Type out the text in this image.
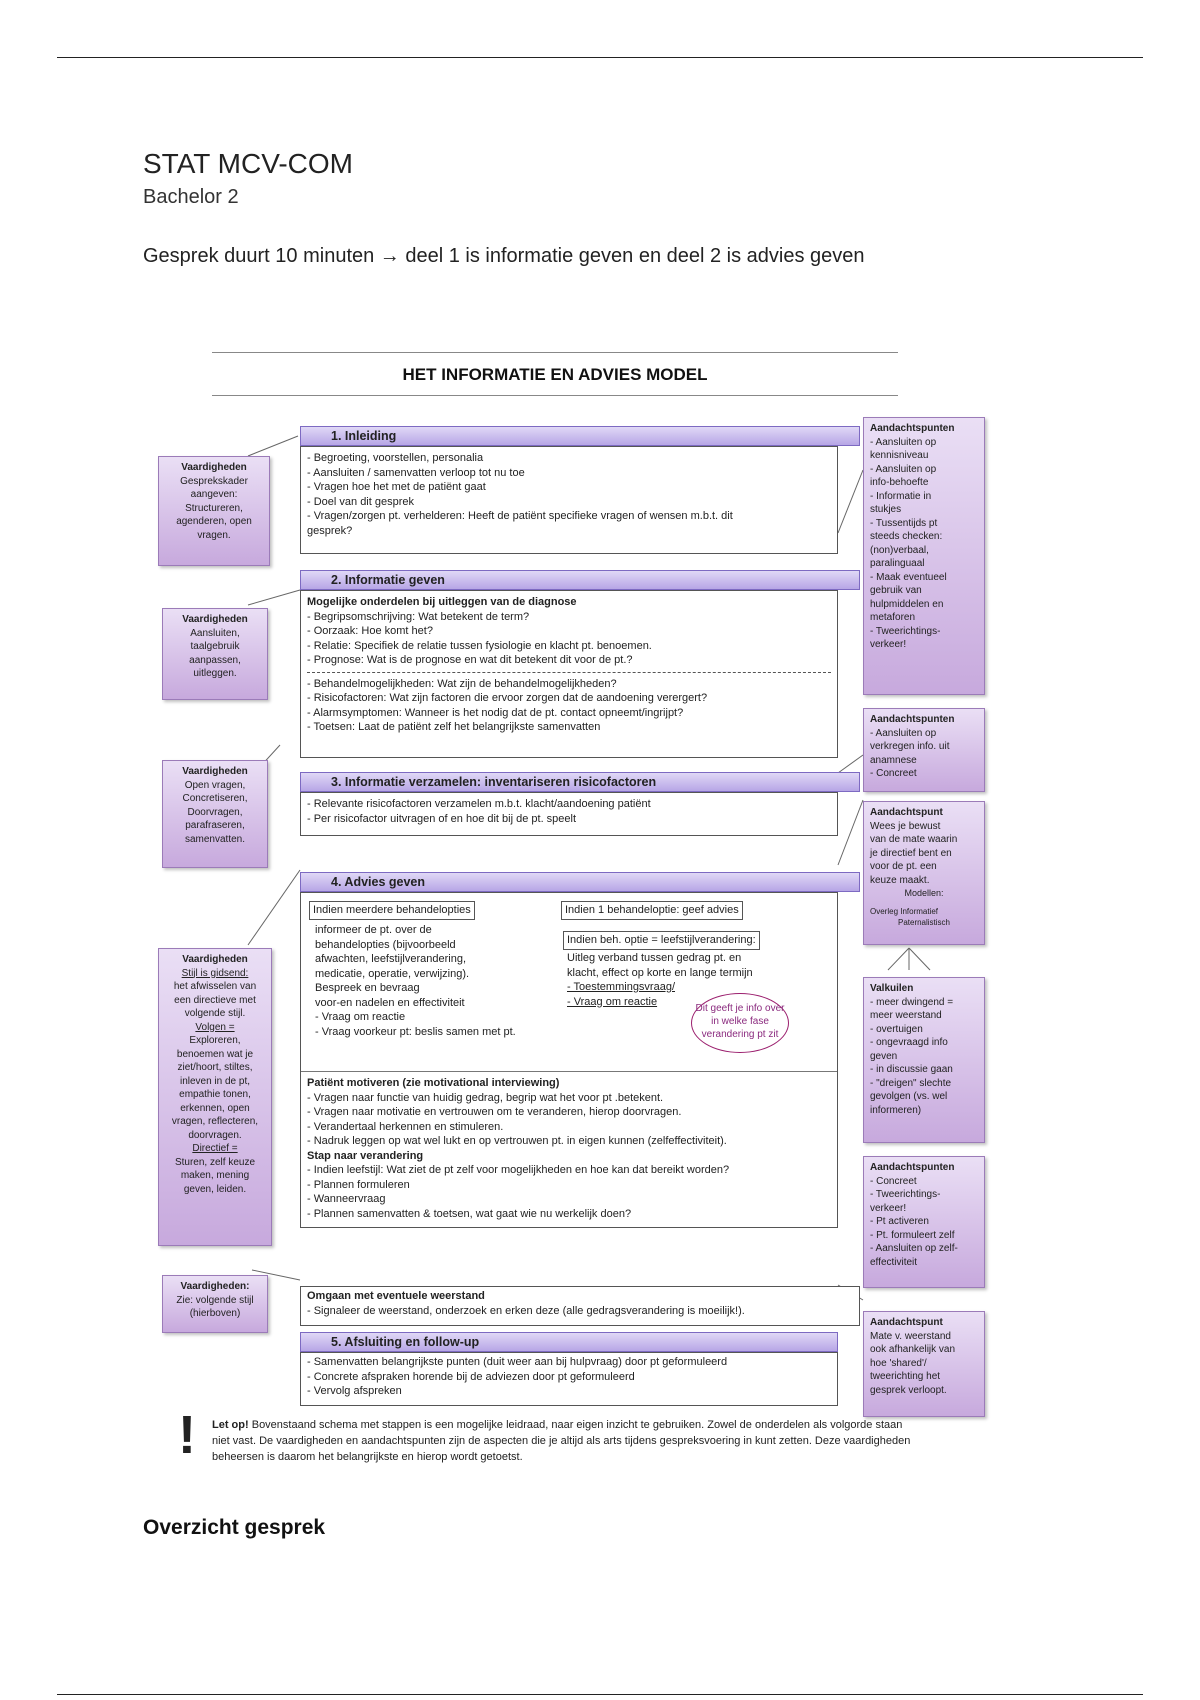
STAT MCV-COM
Bachelor 2
Gesprek duurt 10 minuten → deel 1 is informatie geven en deel 2 is advies geven
HET INFORMATIE EN ADVIES MODEL
Vaardigheden
Gesprekskader
aangeven:
Structureren,
agenderen, open
vragen.
Vaardigheden
Aansluiten,
taalgebruik
aanpassen,
uitleggen.
Vaardigheden
Open vragen,
Concretiseren,
Doorvragen,
parafraseren,
samenvatten.
Vaardigheden
Stijl is gidsend:
het afwisselen van
een directieve met
volgende stijl.
Volgen =
Exploreren,
benoemen wat je
ziet/hoort, stiltes,
inleven in de pt,
empathie tonen,
erkennen, open
vragen, reflecteren,
doorvragen.
Directief =
Sturen, zelf keuze
maken, mening
geven, leiden.
Vaardigheden:
Zie: volgende stijl
(hierboven)
Aandachtspunten
- Aansluiten op
kennisniveau
- Aansluiten op
info-behoefte
- Informatie in
stukjes
- Tussentijds pt
steeds checken:
(non)verbaal,
paralinguaal
- Maak eventueel
gebruik van
hulpmiddelen en
metaforen
- Tweerichtings-
verkeer!
Aandachtspunten
- Aansluiten op
verkregen info. uit
anamnese
- Concreet
Aandachtspunt
Wees je bewust
van de mate waarin
je directief bent en
voor de pt. een
keuze maakt.
Modellen:
Overleg Informatief
Paternalistisch
Valkuilen
- meer dwingend =
meer weerstand
- overtuigen
- ongevraagd info
geven
- in discussie gaan
- "dreigen" slechte
gevolgen (vs. wel
informeren)
Aandachtspunten
- Concreet
- Tweerichtings-
verkeer!
- Pt activeren
- Pt. formuleert zelf
- Aansluiten op zelf-
effectiviteit
Aandachtspunt
Mate v. weerstand
ook afhankelijk van
hoe 'shared'/
tweerichting het
gesprek verloopt.
1. Inleiding
- Begroeting, voorstellen, personalia
- Aansluiten / samenvatten verloop tot nu toe
- Vragen hoe het met de patiënt gaat
- Doel van dit gesprek
- Vragen/zorgen pt. verhelderen: Heeft de patiënt specifieke vragen of wensen m.b.t. dit
gesprek?
2. Informatie geven
Mogelijke onderdelen bij uitleggen van de diagnose
- Begripsomschrijving: Wat betekent de term?
- Oorzaak: Hoe komt het?
- Relatie: Specifiek de relatie tussen fysiologie en klacht pt. benoemen.
- Prognose: Wat is de prognose en wat dit betekent dit voor de pt.?
- Behandelmogelijkheden: Wat zijn de behandelmogelijkheden?
- Risicofactoren: Wat zijn factoren die ervoor zorgen dat de aandoening verergert?
- Alarmsymptomen: Wanneer is het nodig dat de pt. contact opneemt/ingrijpt?
- Toetsen: Laat de patiënt zelf het belangrijkste samenvatten
3. Informatie verzamelen: inventariseren risicofactoren
- Relevante risicofactoren verzamelen m.b.t. klacht/aandoening patiënt
- Per risicofactor uitvragen of en hoe dit bij de pt. speelt
4. Advies geven
Indien meerdere behandelopties
informeer de pt. over de
behandelopties (bijvoorbeeld
afwachten, leefstijlverandering,
medicatie, operatie, verwijzing).
Bespreek en bevraag
voor-en nadelen en effectiviteit
- Vraag om reactie
- Vraag voorkeur pt: beslis samen met pt.
Indien 1 behandeloptie: geef advies
Indien beh. optie = leefstijlverandering:
Uitleg verband tussen gedrag pt. en
klacht, effect op korte en lange termijn
- Toestemmingsvraag/
- Vraag om reactie
Dit geeft je info over in welke fase verandering pt zit
Patiënt motiveren (zie motivational interviewing)
- Vragen naar functie van huidig gedrag, begrip wat het voor pt .betekent.
- Vragen naar motivatie en vertrouwen om te veranderen, hierop doorvragen.
- Verandertaal herkennen en stimuleren.
- Nadruk leggen op wat wel lukt en op vertrouwen pt. in eigen kunnen (zelfeffectiviteit).
Stap naar verandering
- Indien leefstijl: Wat ziet de pt zelf voor mogelijkheden en hoe kan dat bereikt worden?
- Plannen formuleren
- Wanneervraag
- Plannen samenvatten & toetsen, wat gaat wie nu werkelijk doen?
Omgaan met eventuele weerstand
- Signaleer de weerstand, onderzoek en erken deze (alle gedragsverandering is moeilijk!).
5. Afsluiting en follow-up
- Samenvatten belangrijkste punten (duit weer aan bij hulpvraag) door pt geformuleerd
- Concrete afspraken horende bij de adviezen door pt geformuleerd
- Vervolg afspreken
! Let op! Bovenstaand schema met stappen is een mogelijke leidraad, naar eigen inzicht te gebruiken. Zowel de onderdelen als volgorde staan niet vast. De vaardigheden en aandachtspunten zijn de aspecten die je altijd als arts tijdens gespreksvoering in kunt zetten. Deze vaardigheden beheersen is daarom het belangrijkste en hierop wordt getoetst.
Overzicht gesprek
